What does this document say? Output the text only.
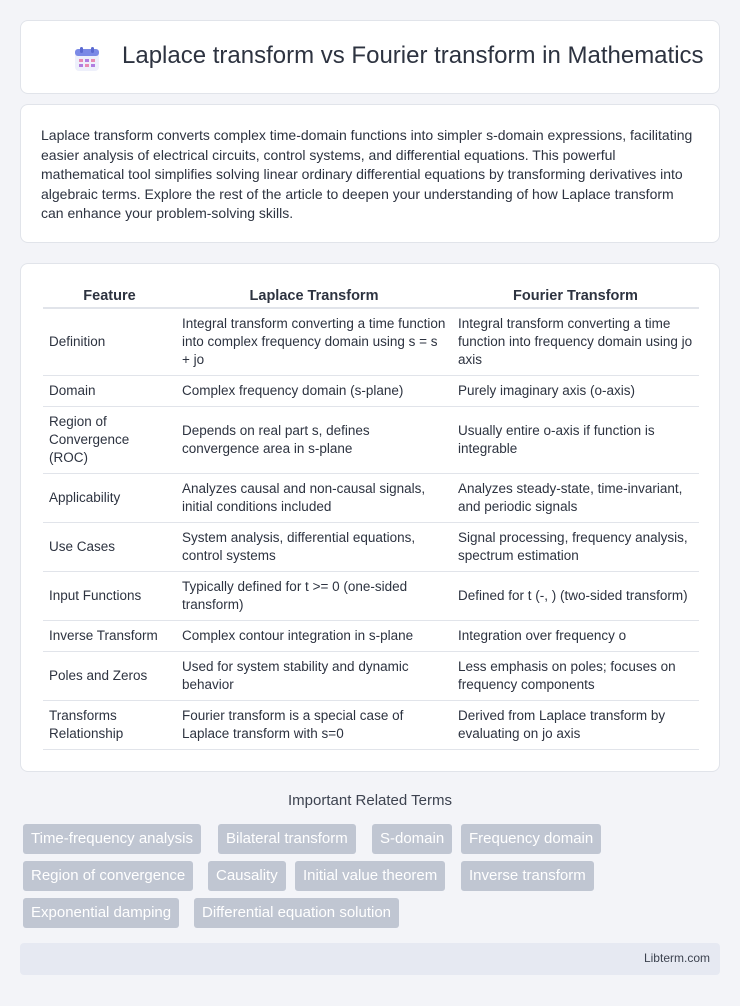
Laplace transform vs Fourier transform in Mathematics

Laplace transform converts complex time-domain functions into simpler s-domain expressions, facilitating easier analysis of electrical circuits, control systems, and differential equations. This powerful mathematical tool simplifies solving linear ordinary differential equations by transforming derivatives into algebraic terms. Explore the rest of the article to deepen your understanding of how Laplace transform can enhance your problem-solving skills.

Feature	Laplace Transform	Fourier Transform
Definition	Integral transform converting a time function into complex frequency domain using s = s + jo	Integral transform converting a time function into frequency domain using jo axis
Domain	Complex frequency domain (s-plane)	Purely imaginary axis (o-axis)
Region of Convergence (ROC)	Depends on real part s, defines convergence area in s-plane	Usually entire o-axis if function is integrable
Applicability	Analyzes causal and non-causal signals, initial conditions included	Analyzes steady-state, time-invariant, and periodic signals
Use Cases	System analysis, differential equations, control systems	Signal processing, frequency analysis, spectrum estimation
Input Functions	Typically defined for t >= 0 (one-sided transform)	Defined for t (-, ) (two-sided transform)
Inverse Transform	Complex contour integration in s-plane	Integration over frequency o
Poles and Zeros	Used for system stability and dynamic behavior	Less emphasis on poles; focuses on frequency components
Transforms Relationship	Fourier transform is a special case of Laplace transform with s=0	Derived from Laplace transform by evaluating on jo axis
Important Related Terms
Time-frequency analysis	Bilateral transform	S-domain	Frequency domain
Region of convergence	Causality	Initial value theorem	Inverse transform
Exponential damping	Differential equation solution
Libterm.com
